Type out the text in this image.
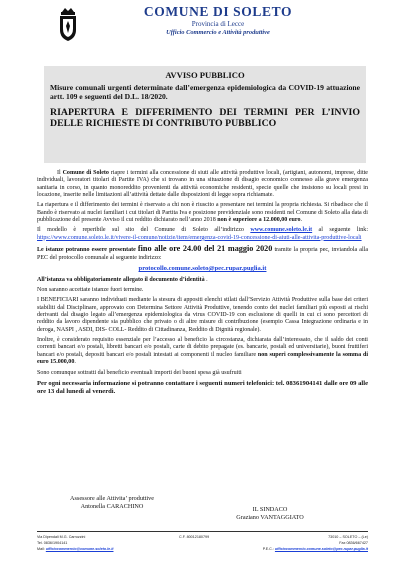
COMUNE DI SOLETO
Provincia di Lecce
Ufficio Commercio e Attività produttive
AVVISO PUBBLICO
Misure comunali urgenti determinate dall’emergenza epidemiologica da COVID-19 attuazione artt. 109 e seguenti del D.L. 18/2020.
RIAPERTURA E DIFFERIMENTO DEI TERMINI PER L’INVIO DELLE RICHIESTE DI CONTRIBUTO PUBBLICO

Il Comune di Soleto riapre i termini alla concessione di siuti alle attività produttive locali, (artigiani, autonomi, imprese, ditte individuali, lavoratori titolari di Partite IVA) che si trovano in una situazione di disagio economico connesso alla grave emergenza sanitaria in corso, in quanto monoreddito provenienti da attività economiche residenti, specie quelle che insistono su locali presi in locazione, inserite nelle limitazioni all’attività dettate dalle disposizioni di legge sopra richiamate.

La riapertura e il differimento dei termini è riservato a chi non è riuscito a presentare nei termini la propria richiesta. Si ribadisce che il Bando è riservato ai nuclei familiari i cui titolari di Partita Iva e posizione previdenziale sono residenti nel Comune di Soleto alla data di pubblicazione del presente Avviso il cui reddito dichiarato nell’anno 2018 non è superiore a 12.000,00 euro.

Il modello è reperibile sul sito del Comune di Soleto all’indirizzo www.comune.soleto.le.it al seguente link: https://www.comune.soleto.le.it/vivere-il-comune/notizie/item/emergenza-covid-19-concessione-di-aiuti-alle-attivita-produttive-locali

Le istanze potranno essere presentate fino alle ore 24.00 del 21 maggio 2020 tramite la propria pec, inviandola alla PEC del protocollo comunale al seguente indirizzo:

protocollo.comune.soleto@pec.rupar.puglia.it

All’istanza va obbligatoriamente allegato il documento d’identità .

Non saranno accettate istanze fuori termine.

I BENEFICIARI saranno individuati mediante la stesura di appositi elenchi stilati dall’Servizio Attività Produttive sulla base dei criteri stabiliti dal Disciplinare, approvato con Determina Settore Attività Produttive, tenendo conto dei nuclei familiari più esposti ai rischi derivanti dal disagio legato all’emergenza epidemiologica da virus COVID-19 con esclusione di quelli in cui ci sono percettori di reddito da lavoro dipendente sia pubblico che privato o di altre misure di contribuzione (esempio Cassa Integrazione ordinaria e in deroga, NASPI , ASDI, DIS- COLL- Reddito di Cittadinanza, Reddito di Dignità regionale).

Inoltre, è considerato requisito essenziale per l’accesso al beneficio la circostanza, dichiarata dall’interessato, che il saldo dei conti correnti bancari e/o postali, libretti bancari e/o postali, carte di debito prepagate (es. bancarie, postali ed universitarie), buoni fruttiferi bancari e/o postali, depositi bancari e/o postali intestati ai componenti il nucleo familiare non superi complessivamente la somma di euro 15.000,00.

Sono comunque sottratti dal beneficio eventuali importi dei buoni spesa già usufruiti

Per ogni necessaria informazione si potranno contattare i seguenti numeri telefonici: tel. 08361904141 dalle ore 09 alle ore 13 dal lunedì al venerdì.

Assessore alle Attivita’ produttive
Antonella CARACHINO	IL SINDACO
Graziano VANTAGGIATO
Via Dipendali M.G. Carrozzini
Tel. 0836/1904141
Mail: ufficiocommercio@comune.soleto.le.it
C.F. 80012180799	73010 – SOLETO – (Le)
Fax 0836/667427
P.E.C.: ufficiocommercio.comune.soleto@pec.rupar.puglia.it
